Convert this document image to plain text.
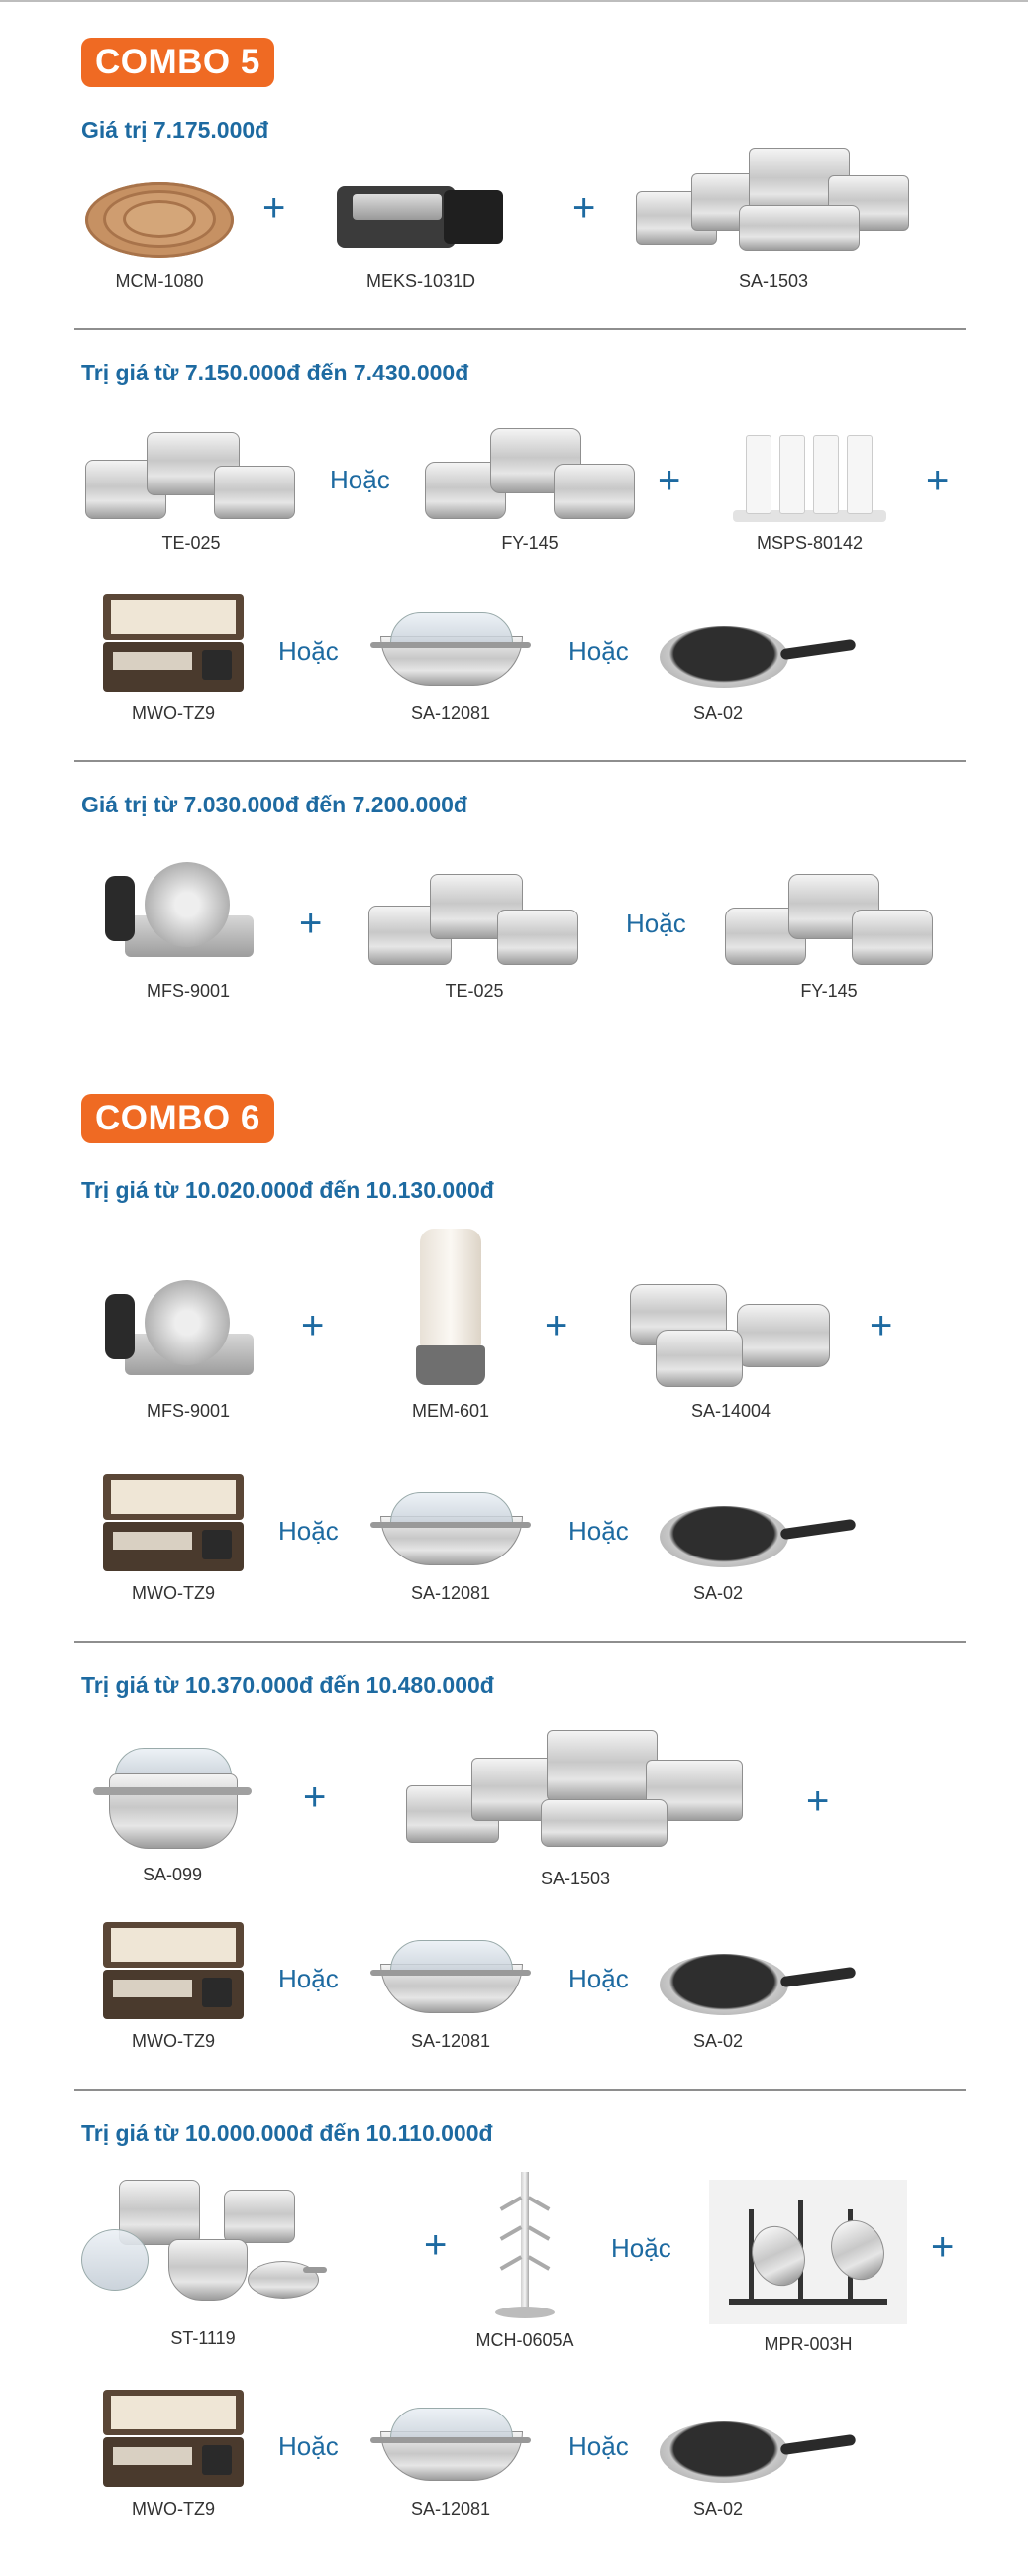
COMBO 5
Giá trị 7.175.000đ
MCM-1080
+
MEKS-1031D
+
SA-1503
Trị giá từ 7.150.000đ đến 7.430.000đ
TE-025
Hoặc
FY-145
+
MSPS-80142
+
MWO-TZ9
Hoặc
SA-12081
Hoặc
SA-02
Giá trị từ 7.030.000đ đến 7.200.000đ
MFS-9001
+
TE-025
Hoặc
FY-145
COMBO 6
Trị giá từ 10.020.000đ đến 10.130.000đ
MFS-9001
+
MEM-601
+
SA-14004
+
MWO-TZ9
Hoặc
SA-12081
Hoặc
SA-02
Trị giá từ 10.370.000đ đến 10.480.000đ
SA-099
+
SA-1503
+
MWO-TZ9
Hoặc
SA-12081
Hoặc
SA-02
Trị giá từ 10.000.000đ đến 10.110.000đ
ST-1119
+
MCH-0605A
Hoặc
MPR-003H
+
MWO-TZ9
Hoặc
SA-12081
Hoặc
SA-02
